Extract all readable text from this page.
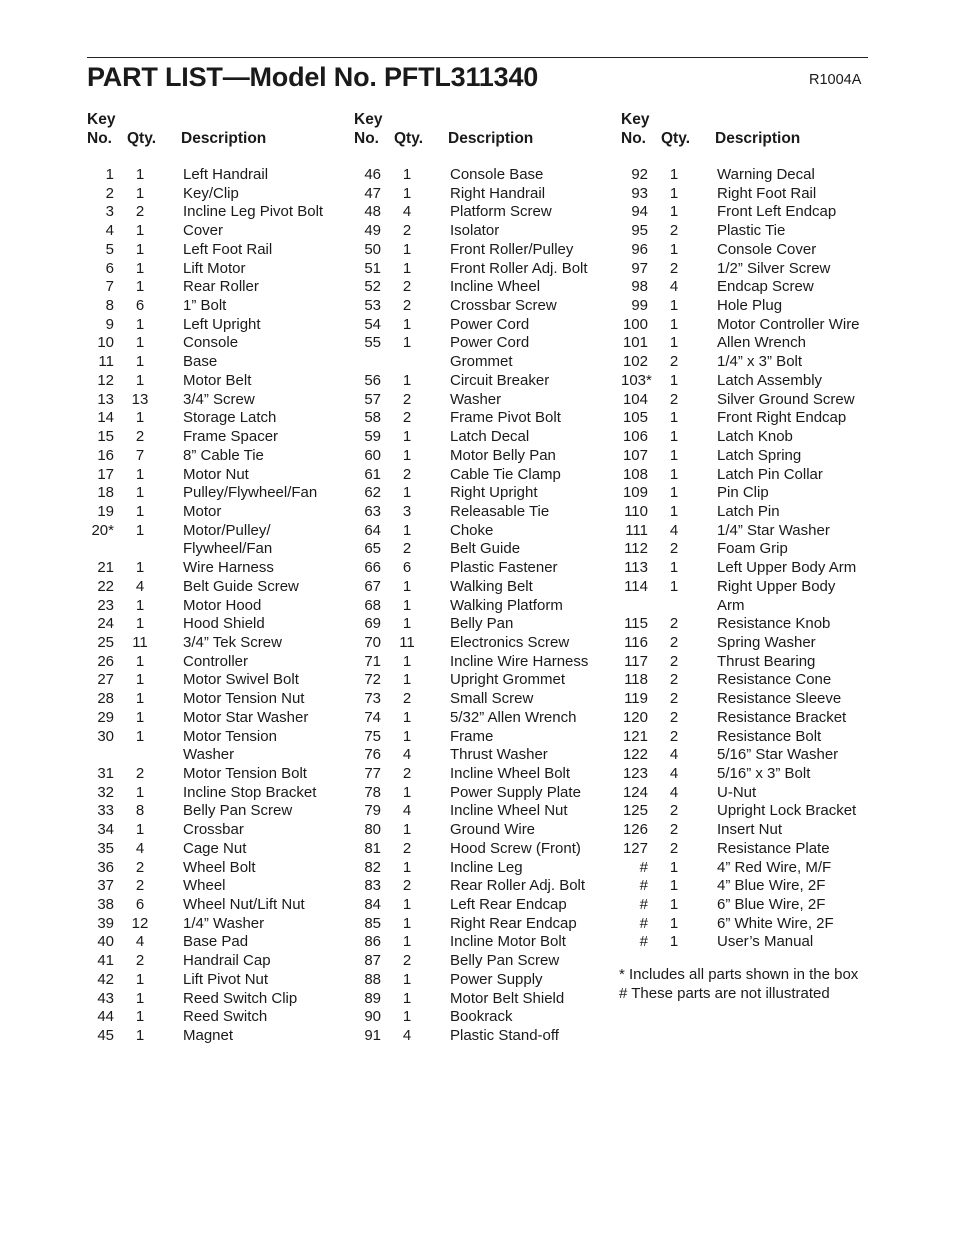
PART LIST—Model No. PFTL311340	R1004A
Key
No. Qty. Description
1	1	Left Handrail
2	1	Key/Clip
3	2	Incline Leg Pivot Bolt
4	1	Cover
5	1	Left Foot Rail
6	1	Lift Motor
7	1	Rear Roller
8	6	1” Bolt
9	1	Left Upright
10	1	Console
11	1	Base
12	1	Motor Belt
13	13	3/4” Screw
14	1	Storage Latch
15	2	Frame Spacer
16	7	8” Cable Tie
17	1	Motor Nut
18	1	Pulley/Flywheel/Fan
19	1	Motor
20*	1	Motor/Pulley/
Flywheel/Fan
21	1	Wire Harness
22	4	Belt Guide Screw
23	1	Motor Hood
24	1	Hood Shield
25	11	3/4” Tek Screw
26	1	Controller
27	1	Motor Swivel Bolt
28	1	Motor Tension Nut
29	1	Motor Star Washer
30	1	Motor Tension
Washer
31	2	Motor Tension Bolt
32	1	Incline Stop Bracket
33	8	Belly Pan Screw
34	1	Crossbar
35	4	Cage Nut
36	2	Wheel Bolt
37	2	Wheel
38	6	Wheel Nut/Lift Nut
39	12	1/4” Washer
40	4	Base Pad
41	2	Handrail Cap
42	1	Lift Pivot Nut
43	1	Reed Switch Clip
44	1	Reed Switch
45	1	Magnet
Key
No. Qty. Description
46	1	Console Base
47	1	Right Handrail
48	4	Platform Screw
49	2	Isolator
50	1	Front Roller/Pulley
51	1	Front Roller Adj. Bolt
52	2	Incline Wheel
53	2	Crossbar Screw
54	1	Power Cord
55	1	Power Cord
Grommet
56	1	Circuit Breaker
57	2	Washer
58	2	Frame Pivot Bolt
59	1	Latch Decal
60	1	Motor Belly Pan
61	2	Cable Tie Clamp
62	1	Right Upright
63	3	Releasable Tie
64	1	Choke
65	2	Belt Guide
66	6	Plastic Fastener
67	1	Walking Belt
68	1	Walking Platform
69	1	Belly Pan
70	11	Electronics Screw
71	1	Incline Wire Harness
72	1	Upright Grommet
73	2	Small Screw
74	1	5/32” Allen Wrench
75	1	Frame
76	4	Thrust Washer
77	2	Incline Wheel Bolt
78	1	Power Supply Plate
79	4	Incline Wheel Nut
80	1	Ground Wire
81	2	Hood Screw (Front)
82	1	Incline Leg
83	2	Rear Roller Adj. Bolt
84	1	Left Rear Endcap
85	1	Right Rear Endcap
86	1	Incline Motor Bolt
87	2	Belly Pan Screw
88	1	Power Supply
89	1	Motor Belt Shield
90	1	Bookrack
91	4	Plastic Stand-off
Key
No. Qty. Description
92	1	Warning Decal
93	1	Right Foot Rail
94	1	Front Left Endcap
95	2	Plastic Tie
96	1	Console Cover
97	2	1/2” Silver Screw
98	4	Endcap Screw
99	1	Hole Plug
100	1	Motor Controller Wire
101	1	Allen Wrench
102	2	1/4” x 3” Bolt
103*	1	Latch Assembly
104	2	Silver Ground Screw
105	1	Front Right Endcap
106	1	Latch Knob
107	1	Latch Spring
108	1	Latch Pin Collar
109	1	Pin Clip
110	1	Latch Pin
111	4	1/4” Star Washer
112	2	Foam Grip
113	1	Left Upper Body Arm
114	1	Right Upper Body
Arm
115	2	Resistance Knob
116	2	Spring Washer
117	2	Thrust Bearing
118	2	Resistance Cone
119	2	Resistance Sleeve
120	2	Resistance Bracket
121	2	Resistance Bolt
122	4	5/16” Star Washer
123	4	5/16” x 3” Bolt
124	4	U-Nut
125	2	Upright Lock Bracket
126	2	Insert Nut
127	2	Resistance Plate
#	1	4” Red Wire, M/F
#	1	4” Blue Wire, 2F
#	1	6” Blue Wire, 2F
#	1	6” White Wire, 2F
#	1	User’s Manual
* Includes all parts shown in the box
# These parts are not illustrated
